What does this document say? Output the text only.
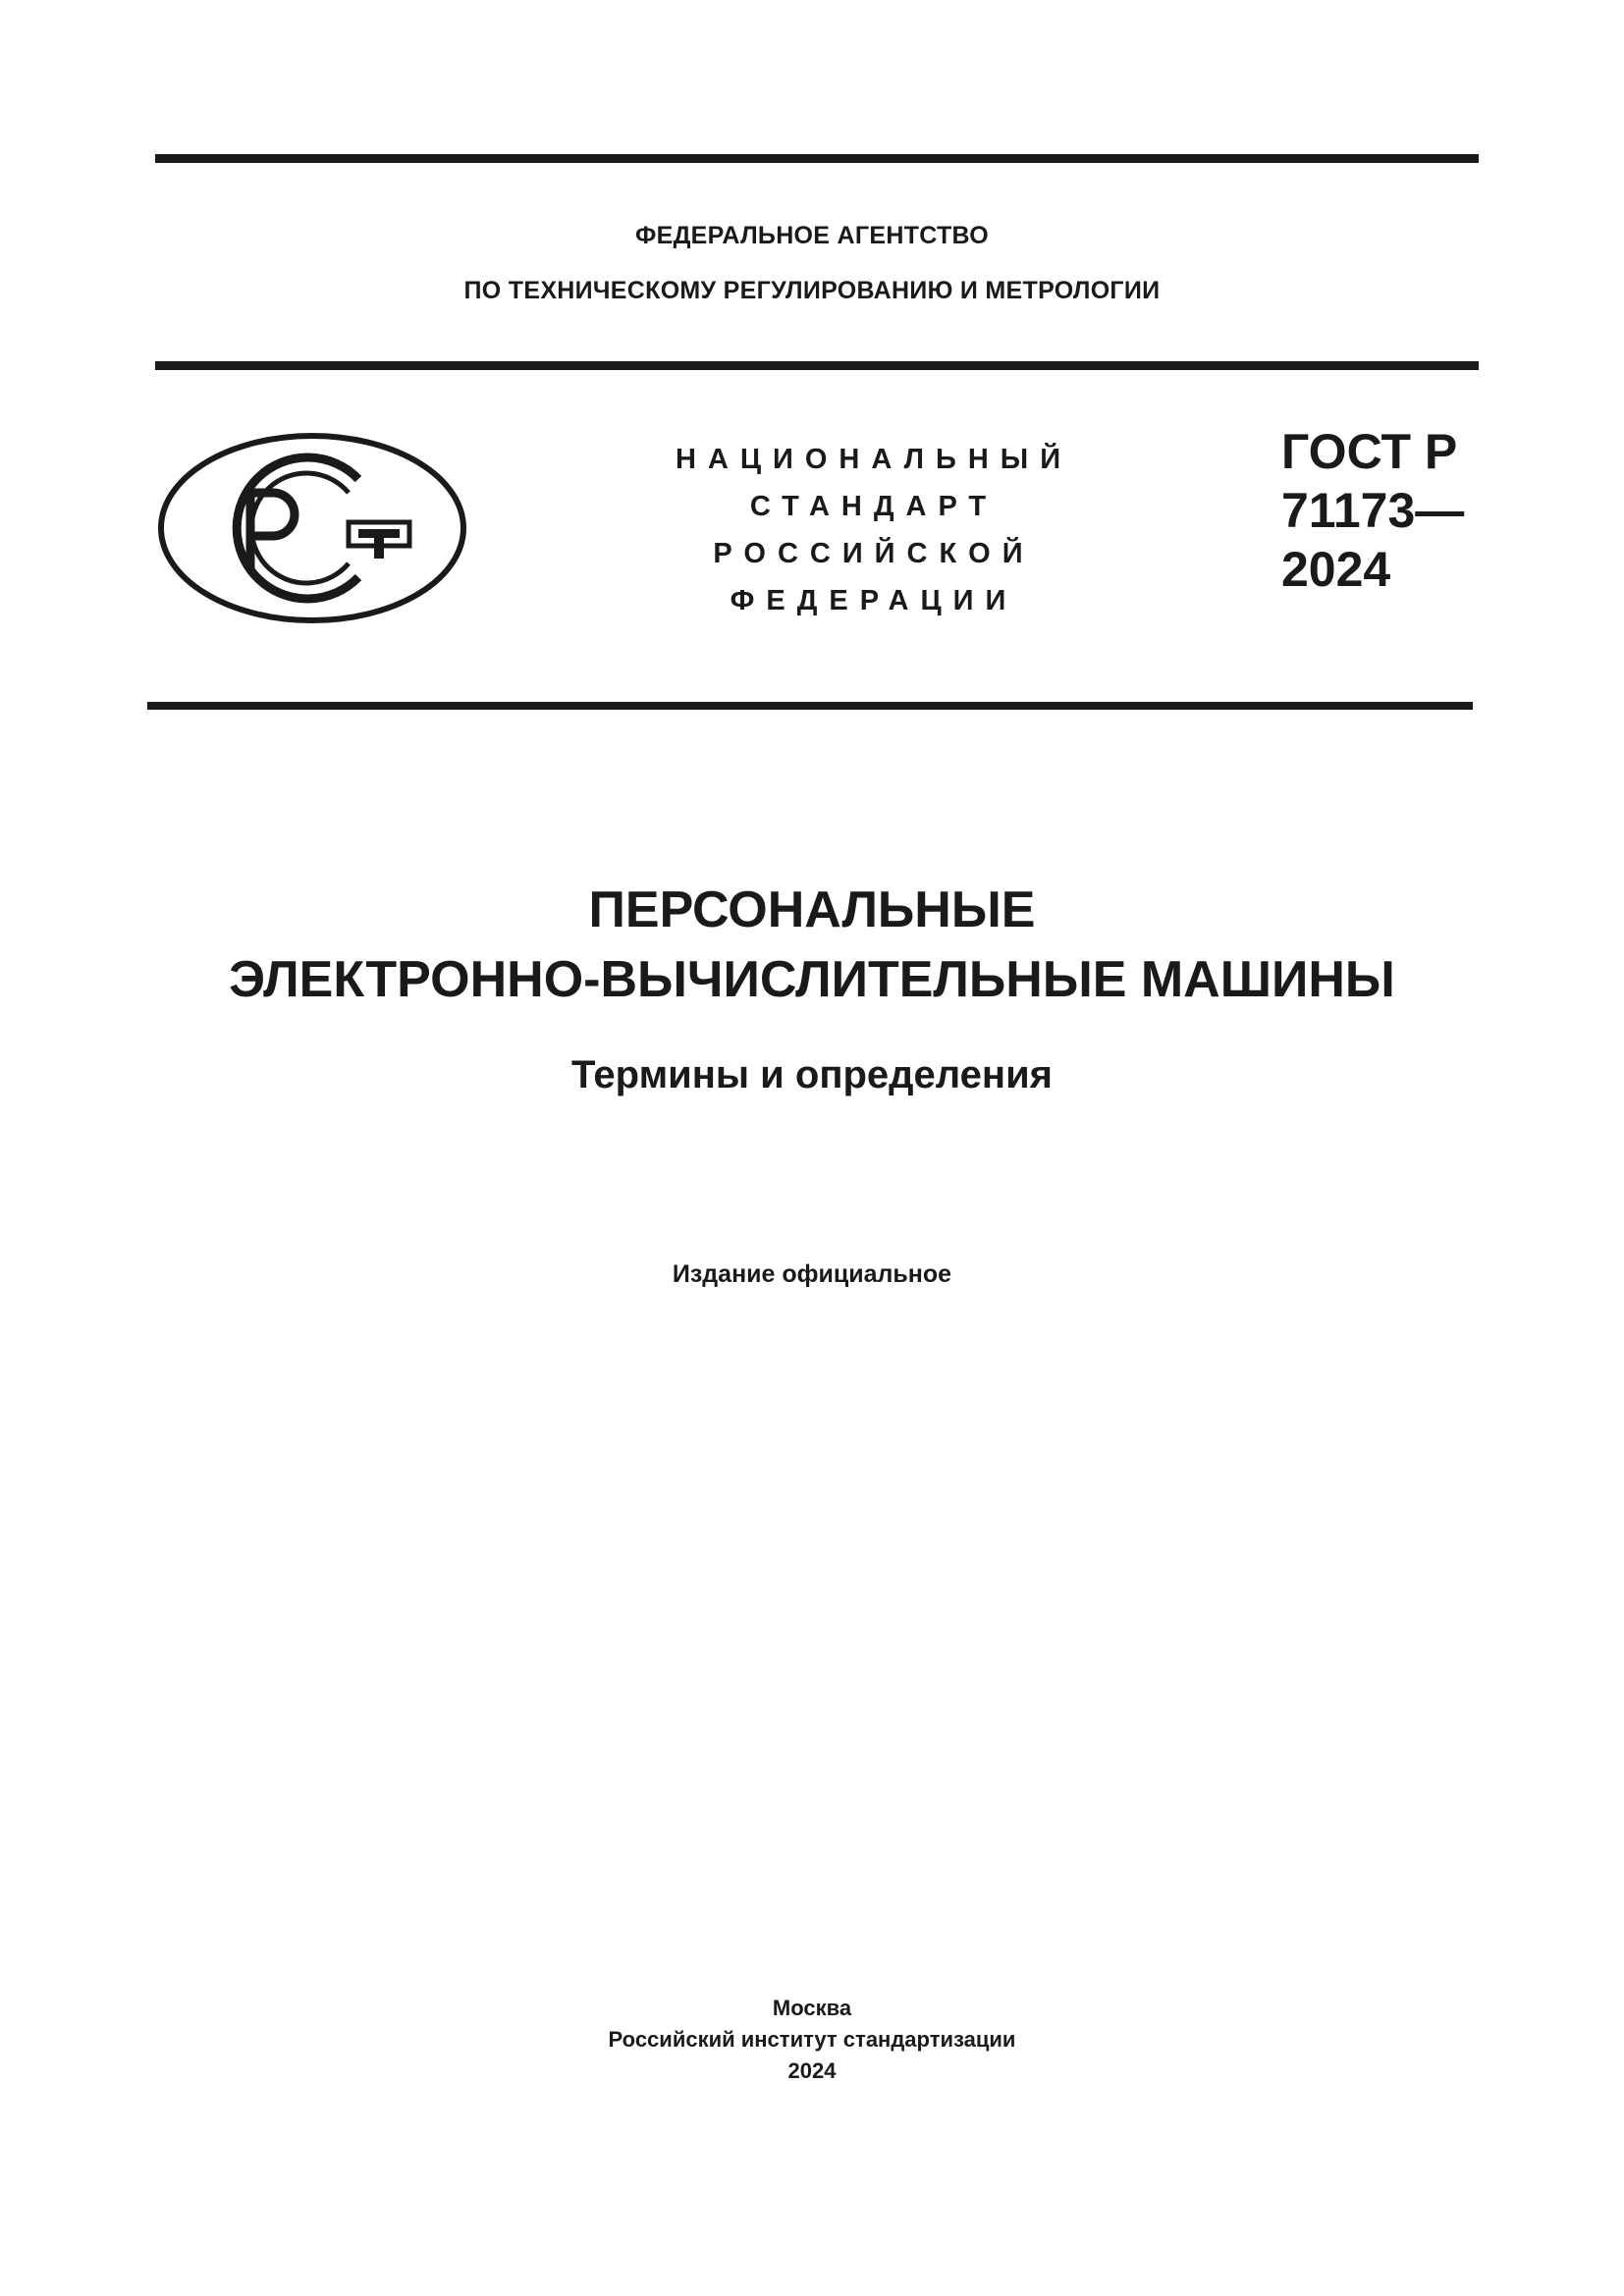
ФЕДЕРАЛЬНОЕ АГЕНТСТВО
ПО ТЕХНИЧЕСКОМУ РЕГУЛИРОВАНИЮ И МЕТРОЛОГИИ
НАЦИОНАЛЬНЫЙ
СТАНДАРТ
РОССИЙСКОЙ
ФЕДЕРАЦИИ
ГОСТ Р
71173—
2024
ПЕРСОНАЛЬНЫЕ
ЭЛЕКТРОННО-ВЫЧИСЛИТЕЛЬНЫЕ МАШИНЫ
Термины и определения
Издание официальное
Москва
Российский институт стандартизации
2024
